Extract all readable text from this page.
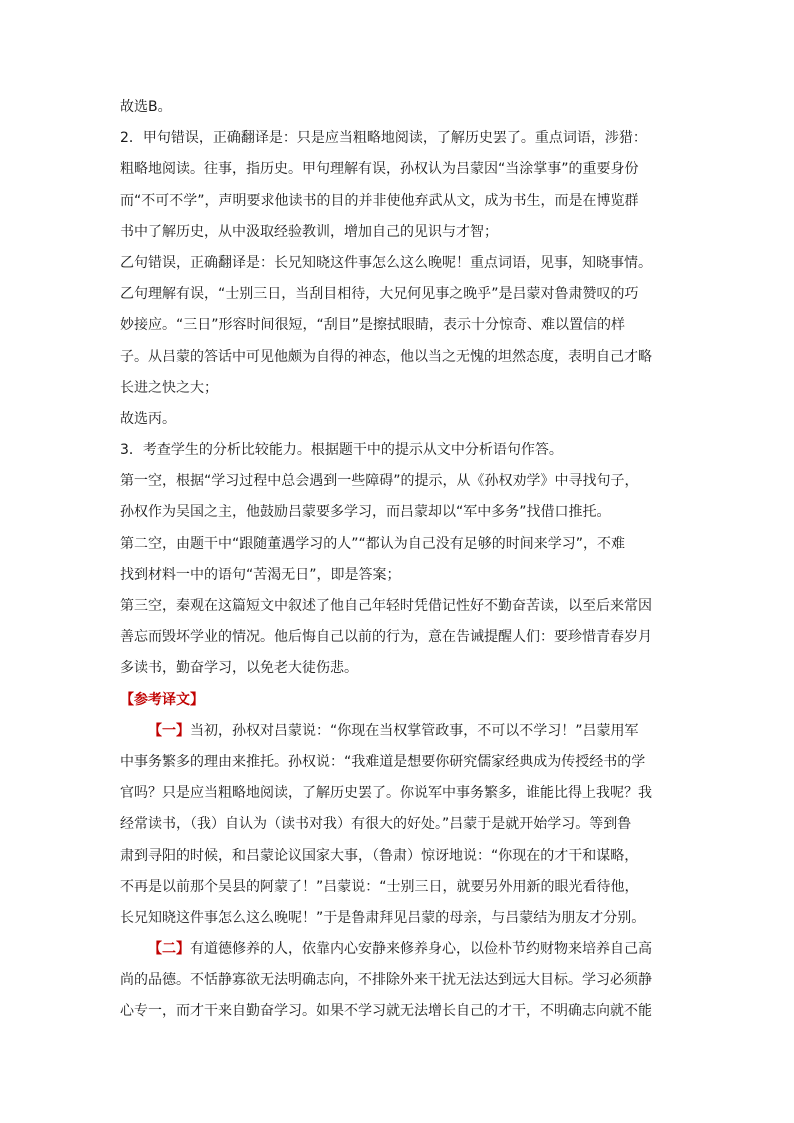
故选B。
2．甲句错误，正确翻译是：只是应当粗略地阅读，了解历史罢了。重点词语，涉猎：
粗略地阅读。往事，指历史。甲句理解有误，孙权认为吕蒙因“当涂掌事”的重要身份
而“不可不学”，声明要求他读书的目的并非使他弃武从文，成为书生，而是在博览群
书中了解历史，从中汲取经验教训，增加自己的见识与才智；
乙句错误，正确翻译是：长兄知晓这件事怎么这么晚呢！重点词语，见事，知晓事情。
乙句理解有误，“士别三日，当刮目相待，大兄何见事之晚乎”是吕蒙对鲁肃赞叹的巧
妙接应。“三日”形容时间很短，“刮目”是擦拭眼睛，表示十分惊奇、难以置信的样
子。从吕蒙的答话中可见他颇为自得的神态，他以当之无愧的坦然态度，表明自己才略
长进之快之大；
故选丙。
3．考查学生的分析比较能力。根据题干中的提示从文中分析语句作答。
第一空，根据“学习过程中总会遇到一些障碍”的提示，从《孙权劝学》中寻找句子，
孙权作为吴国之主，他鼓励吕蒙要多学习，而吕蒙却以“军中多务”找借口推托。
第二空，由题干中“跟随董遇学习的人”“都认为自己没有足够的时间来学习”，不难
找到材料一中的语句“苦渴无日”，即是答案；
第三空，秦观在这篇短文中叙述了他自己年轻时凭借记性好不勤奋苦读，以至后来常因
善忘而毁坏学业的情况。他后悔自己以前的行为，意在告诫提醒人们：要珍惜青春岁月
多读书，勤奋学习，以免老大徒伤悲。
【参考译文】
【一】当初，孙权对吕蒙说：“你现在当权掌管政事，不可以不学习！”吕蒙用军
中事务繁多的理由来推托。孙权说：“我难道是想要你研究儒家经典成为传授经书的学
官吗？只是应当粗略地阅读，了解历史罢了。你说军中事务繁多，谁能比得上我呢？我
经常读书，（我）自认为（读书对我）有很大的好处。”吕蒙于是就开始学习。等到鲁
肃到寻阳的时候，和吕蒙论议国家大事，（鲁肃）惊讶地说：“你现在的才干和谋略，
不再是以前那个吴县的阿蒙了！”吕蒙说：“士别三日，就要另外用新的眼光看待他，
长兄知晓这件事怎么这么晚呢！”于是鲁肃拜见吕蒙的母亲，与吕蒙结为朋友才分别。
【二】有道德修养的人，依靠内心安静来修养身心，以俭朴节约财物来培养自己高
尚的品德。不恬静寡欲无法明确志向，不排除外来干扰无法达到远大目标。学习必须静
心专一，而才干来自勤奋学习。如果不学习就无法增长自己的才干，不明确志向就不能
